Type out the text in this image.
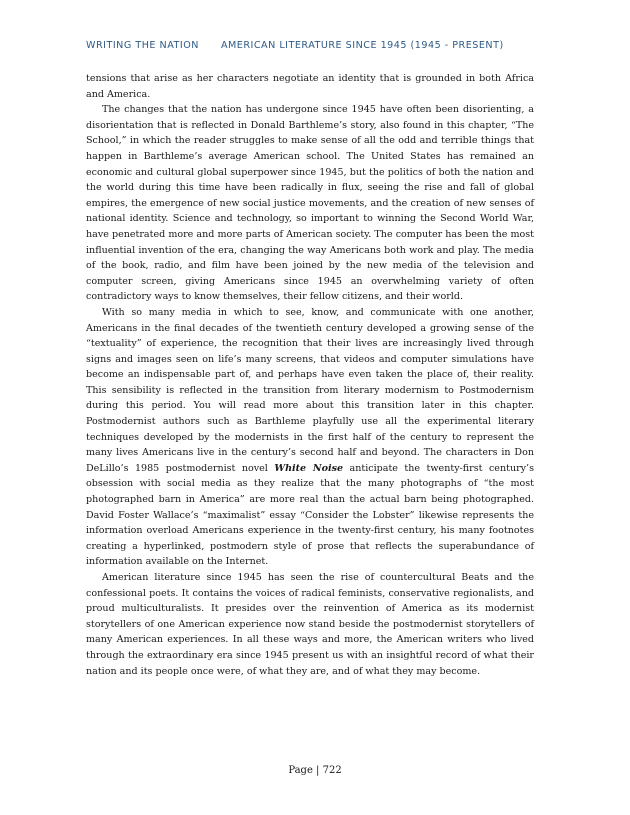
WRITING THE NATION AMERICAN LITERATURE SINCE 1945 (1945 - PRESENT)

tensions that arise as her characters negotiate an identity that is grounded in both Africa and America.

The changes that the nation has undergone since 1945 have often been disorienting, a disorientation that is reflected in Donald Barthleme’s story, also found in this chapter, “The School,” in which the reader struggles to make sense of all the odd and terrible things that happen in Barthleme’s average American school. The United States has remained an economic and cultural global superpower since 1945, but the politics of both the nation and the world during this time have been radically in flux, seeing the rise and fall of global empires, the emergence of new social justice movements, and the creation of new senses of national identity. Science and technology, so important to winning the Second World War, have penetrated more and more parts of American society. The computer has been the most influential invention of the era, changing the way Americans both work and play. The media of the book, radio, and film have been joined by the new media of the television and computer screen, giving Americans since 1945 an overwhelming variety of often contradictory ways to know themselves, their fellow citizens, and their world.

With so many media in which to see, know, and communicate with one another, Americans in the final decades of the twentieth century developed a growing sense of the “textuality” of experience, the recognition that their lives are increasingly lived through signs and images seen on life’s many screens, that videos and computer simulations have become an indispensable part of, and perhaps have even taken the place of, their reality. This sensibility is reflected in the transition from literary modernism to Postmodernism during this period. You will read more about this transition later in this chapter. Postmodernist authors such as Barthleme playfully use all the experimental literary techniques developed by the modernists in the first half of the century to represent the many lives Americans live in the century’s second half and beyond. The characters in Don DeLillo’s 1985 postmodernist novel White Noise anticipate the twenty-first century’s obsession with social media as they realize that the many photographs of “the most photographed barn in America” are more real than the actual barn being photographed. David Foster Wallace’s “maximalist” essay “Consider the Lobster” likewise represents the information overload Americans experience in the twenty-first century, his many footnotes creating a hyperlinked, postmodern style of prose that reflects the superabundance of information available on the Internet.

American literature since 1945 has seen the rise of countercultural Beats and the confessional poets. It contains the voices of radical feminists, conservative regionalists, and proud multiculturalists. It presides over the reinvention of America as its modernist storytellers of one American experience now stand beside the postmodernist storytellers of many American experiences. In all these ways and more, the American writers who lived through the extraordinary era since 1945 present us with an insightful record of what their nation and its people once were, of what they are, and of what they may become.

Page | 722
